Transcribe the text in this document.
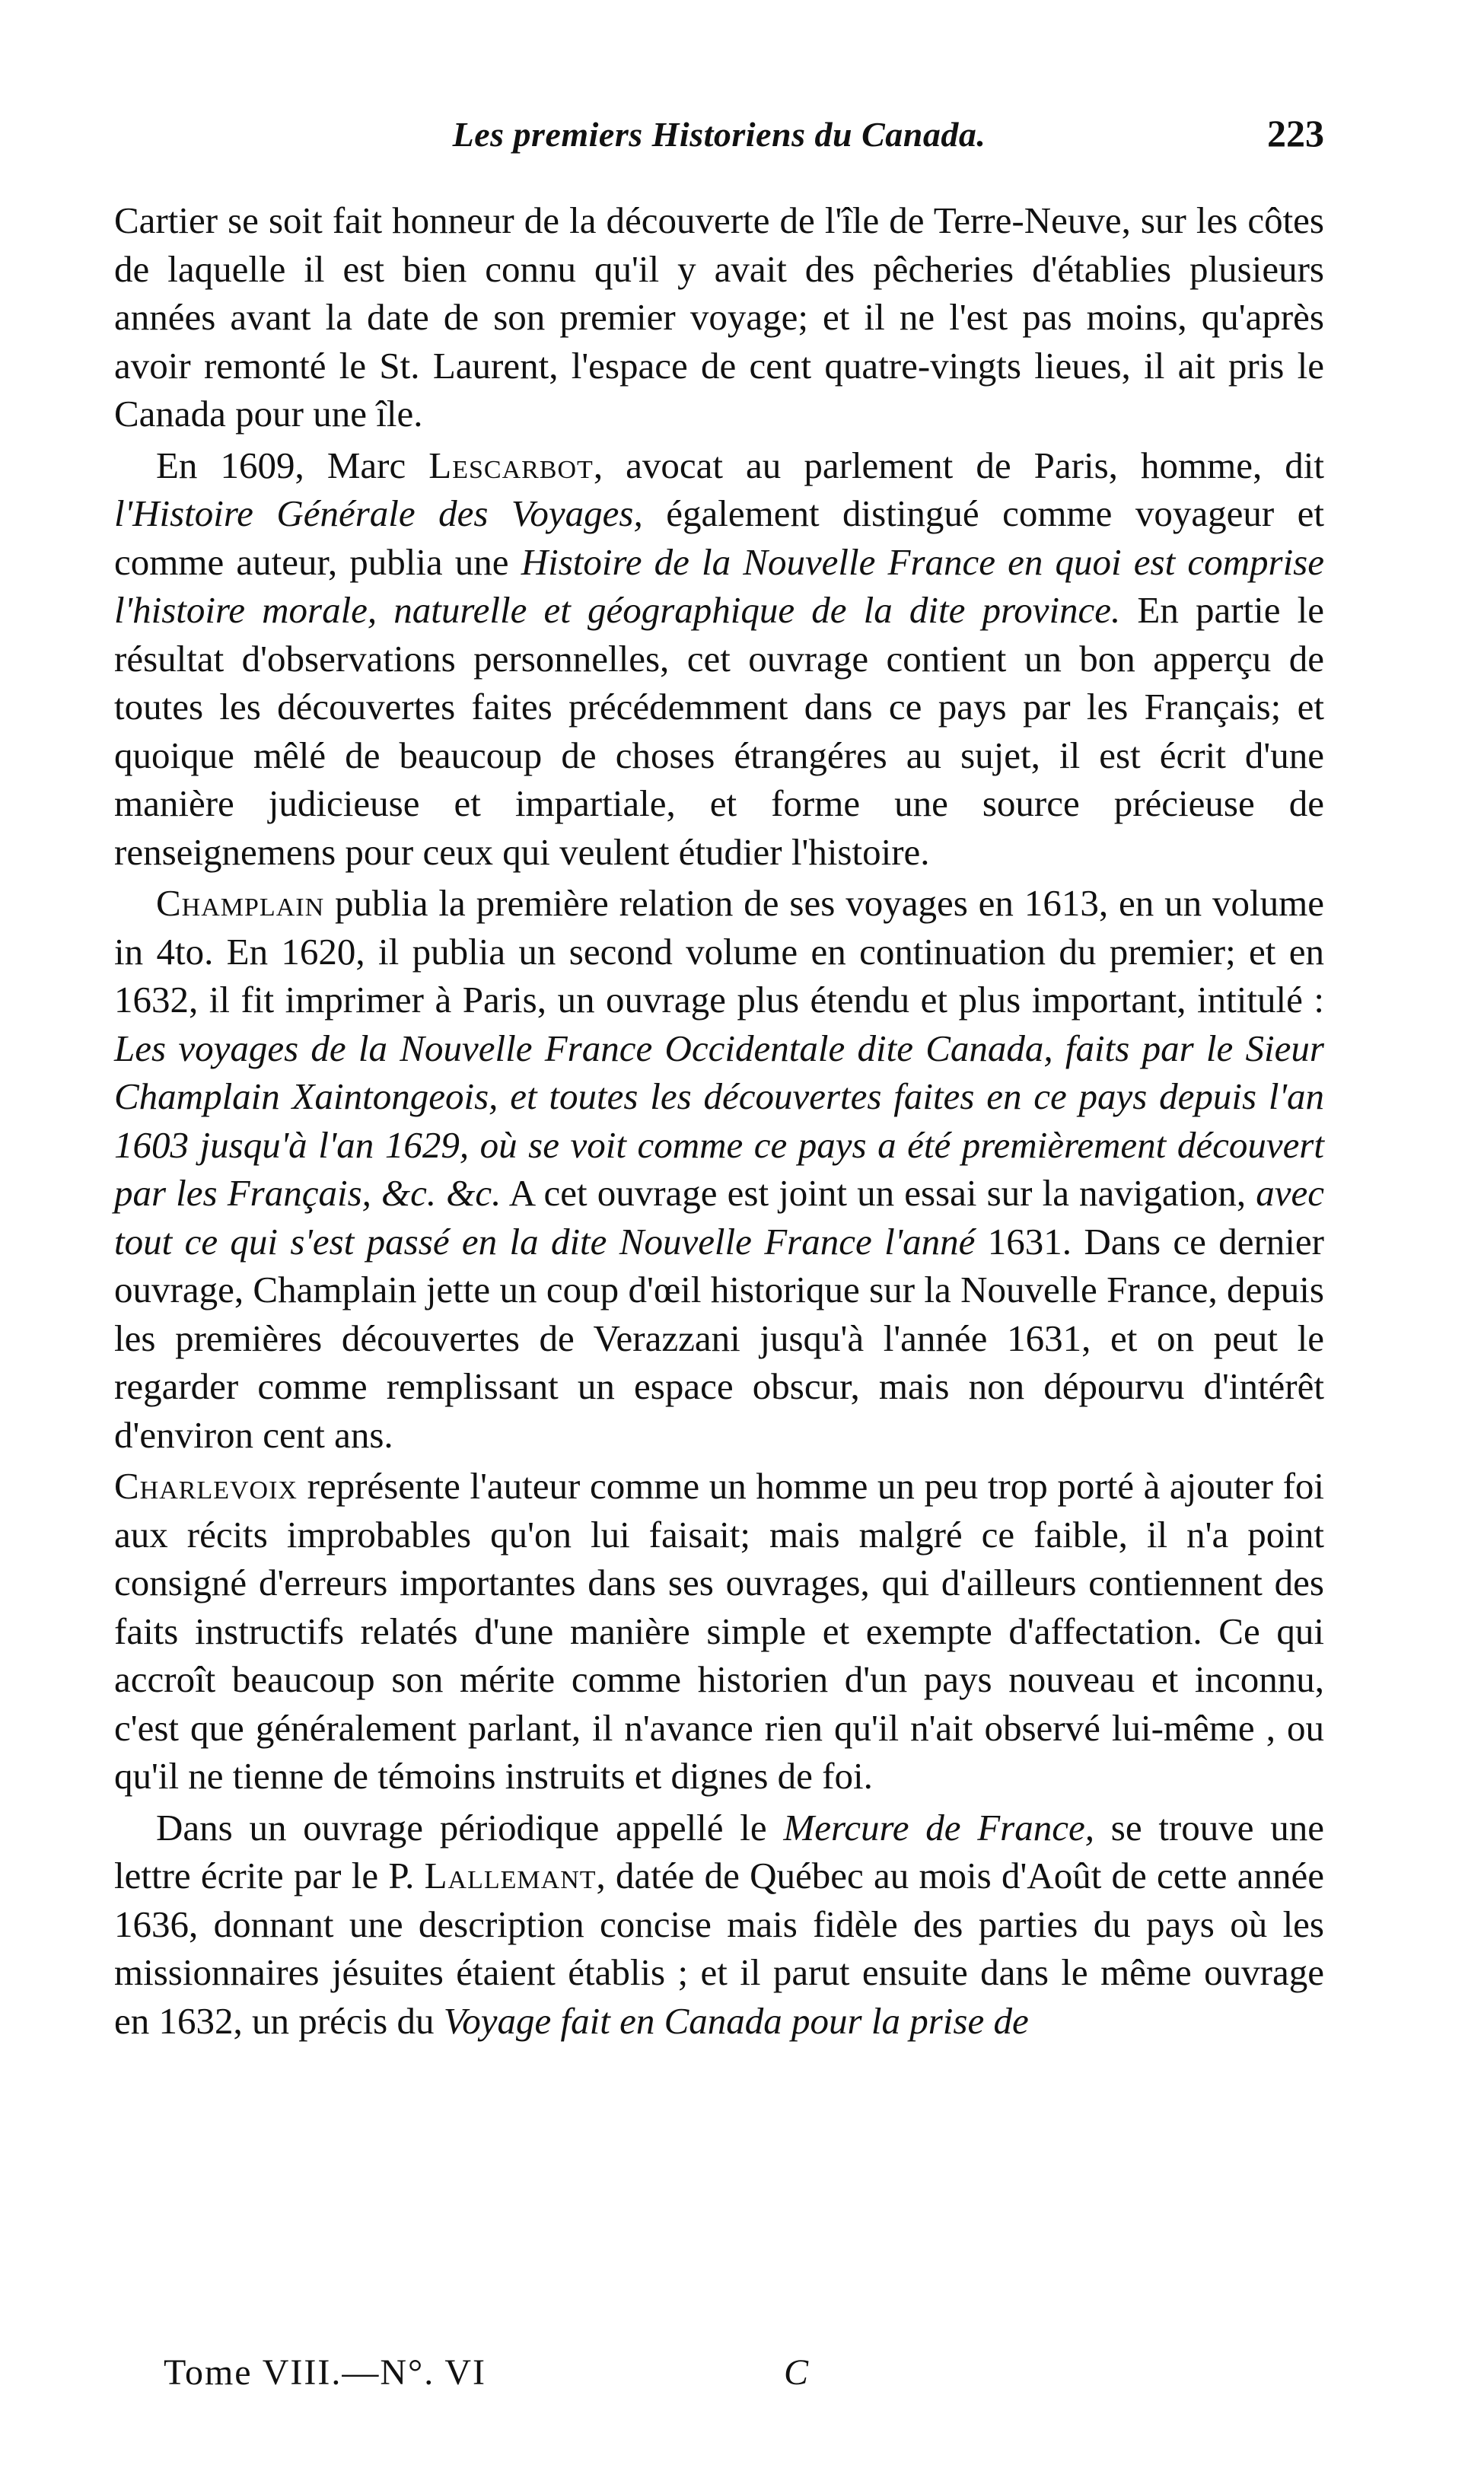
Les premiers Historiens du Canada.	223

Cartier se soit fait honneur de la découverte de l'île de Terre-Neuve, sur les côtes de laquelle il est bien connu qu'il y avait des pêcheries d'établies plusieurs années avant la date de son premier voyage; et il ne l'est pas moins, qu'après avoir remonté le St. Laurent, l'espace de cent quatre-vingts lieues, il ait pris le Canada pour une île.

En 1609, Marc Lescarbot, avocat au parlement de Paris, homme, dit l'Histoire Générale des Voyages, également distingué comme voyageur et comme auteur, publia une Histoire de la Nouvelle France en quoi est comprise l'histoire morale, naturelle et géographique de la dite province. En partie le résultat d'observations personnelles, cet ouvrage contient un bon apperçu de toutes les découvertes faites précédemment dans ce pays par les Français; et quoique mêlé de beaucoup de choses étrangéres au sujet, il est écrit d'une manière judicieuse et impartiale, et forme une source précieuse de renseignemens pour ceux qui veulent étudier l'histoire.

Champlain publia la première relation de ses voyages en 1613, en un volume in 4to. En 1620, il publia un second volume en continuation du premier; et en 1632, il fit imprimer à Paris, un ouvrage plus étendu et plus important, intitulé : Les voyages de la Nouvelle France Occidentale dite Canada, faits par le Sieur Champlain Xaintongeois, et toutes les découvertes faites en ce pays depuis l'an 1603 jusqu'à l'an 1629, où se voit comme ce pays a été premièrement découvert par les Français, &c. &c. A cet ouvrage est joint un essai sur la navigation, avec tout ce qui s'est passé en la dite Nouvelle France l'anné 1631. Dans ce dernier ouvrage, Champlain jette un coup d'œil historique sur la Nouvelle France, depuis les premières découvertes de Verazzani jusqu'à l'année 1631, et on peut le regarder comme remplissant un espace obscur, mais non dépourvu d'intérêt d'environ cent ans.

Charlevoix représente l'auteur comme un homme un peu trop porté à ajouter foi aux récits improbables qu'on lui faisait; mais malgré ce faible, il n'a point consigné d'erreurs importantes dans ses ouvrages, qui d'ailleurs contiennent des faits instructifs relatés d'une manière simple et exempte d'affectation. Ce qui accroît beaucoup son mérite comme historien d'un pays nouveau et inconnu, c'est que généralement parlant, il n'avance rien qu'il n'ait observé lui-même , ou qu'il ne tienne de témoins instruits et dignes de foi.

Dans un ouvrage périodique appellé le Mercure de France, se trouve une lettre écrite par le P. Lallemant, datée de Québec au mois d'Août de cette année 1636, donnant une description concise mais fidèle des parties du pays où les missionnaires jésuites étaient établis ; et il parut ensuite dans le même ouvrage en 1632, un précis du Voyage fait en Canada pour la prise de

Tome VIII.—N°. VI	C
